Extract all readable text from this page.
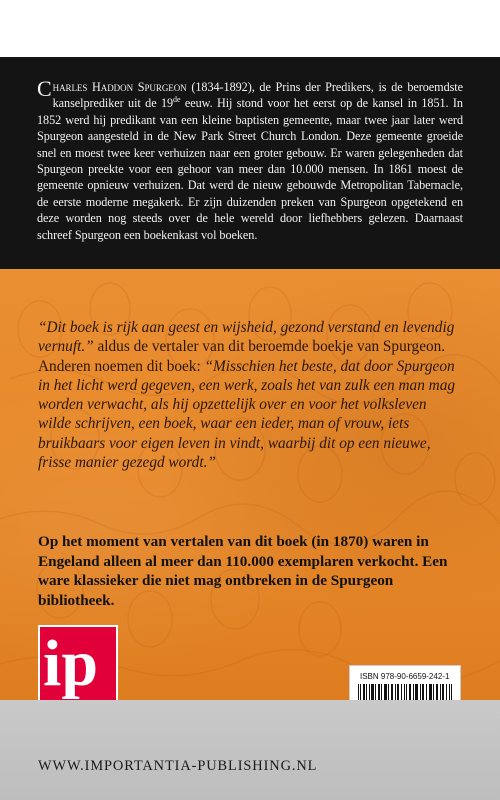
Charles Haddon Spurgeon (1834-1892), de Prins der Predikers, is de beroemdste kanselprediker uit de 19de eeuw. Hij stond voor het eerst op de kansel in 1851. In 1852 werd hij predikant van een kleine baptisten gemeente, maar twee jaar later werd Spurgeon aangesteld in de New Park Street Church London. Deze gemeente groeide snel en moest twee keer verhuizen naar een groter gebouw. Er waren gelegenheden dat Spurgeon preekte voor een gehoor van meer dan 10.000 mensen. In 1861 moest de gemeente opnieuw verhuizen. Dat werd de nieuw gebouwde Metropolitan Tabernacle, de eerste moderne megakerk. Er zijn duizenden preken van Spurgeon opgetekend en deze worden nog steeds over de hele wereld door liefhebbers gelezen. Daarnaast schreef Spurgeon een boekenkast vol boeken.

“Dit boek is rijk aan geest en wijsheid, gezond verstand en levendig vernuft.” aldus de vertaler van dit beroemde boekje van Spurgeon. Anderen noemen dit boek: “Misschien het beste, dat door Spurgeon in het licht werd gegeven, een werk, zoals het van zulk een man mag worden verwacht, als hij opzettelijk over en voor het volksleven wilde schrijven, een boek, waar een ieder, man of vrouw, iets bruikbaars voor eigen leven in vindt, waarbij dit op een nieuwe, frisse manier gezegd wordt.”

Op het moment van vertalen van dit boek (in 1870) waren in Engeland alleen al meer dan 110.000 exemplaren verkocht. Een ware klassieker die niet mag ontbreken in de Spurgeon bibliotheek.

ip	ISBN 978-90-6659-242-1

WWW.IMPORTANTIA-PUBLISHING.NL
